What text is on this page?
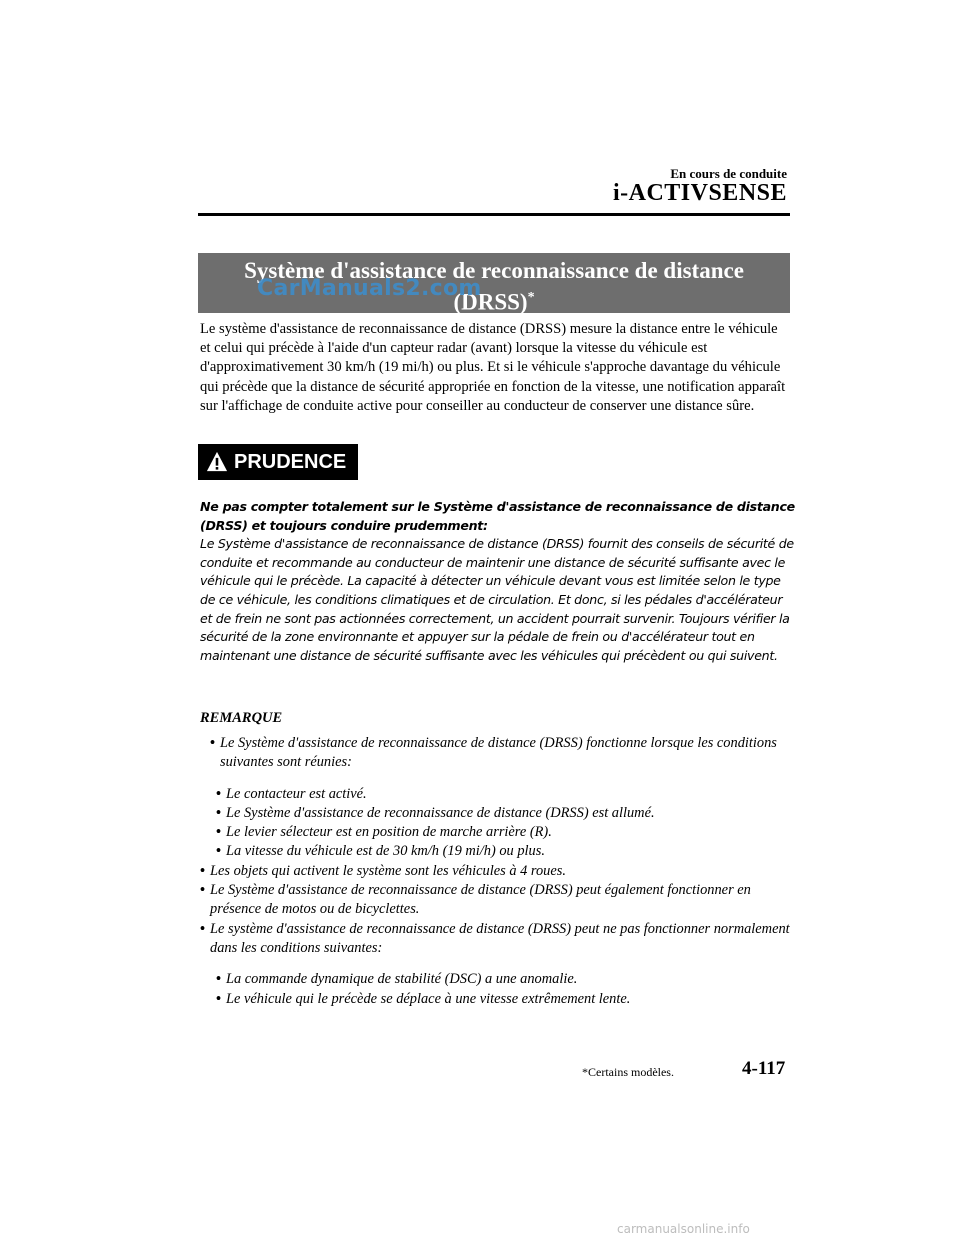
En cours de conduite
i-ACTIVSENSE
Système d'assistance de reconnaissance de distance
(DRSS)*
CarManuals2.com

Le système d'assistance de reconnaissance de distance (DRSS) mesure la distance entre le véhicule et celui qui précède à l'aide d'un capteur radar (avant) lorsque la vitesse du véhicule est d'approximativement 30 km/h (19 mi/h) ou plus. Et si le véhicule s'approche davantage du véhicule qui précède que la distance de sécurité appropriée en fonction de la vitesse, une notification apparaît sur l'affichage de conduite active pour conseiller au conducteur de conserver une distance sûre.

PRUDENCE

Ne pas compter totalement sur le Système d'assistance de reconnaissance de distance (DRSS) et toujours conduire prudemment:
Le Système d'assistance de reconnaissance de distance (DRSS) fournit des conseils de sécurité de conduite et recommande au conducteur de maintenir une distance de sécurité suffisante avec le véhicule qui le précède. La capacité à détecter un véhicule devant vous est limitée selon le type de ce véhicule, les conditions climatiques et de circulation. Et donc, si les pédales d'accélérateur et de frein ne sont pas actionnées correctement, un accident pourrait survenir. Toujours vérifier la sécurité de la zone environnante et appuyer sur la pédale de frein ou d'accélérateur tout en maintenant une distance de sécurité suffisante avec les véhicules qui précèdent ou qui suivent.

REMARQUE
• Le Système d'assistance de reconnaissance de distance (DRSS) fonctionne lorsque les conditions suivantes sont réunies:
• Le contacteur est activé.
• Le Système d'assistance de reconnaissance de distance (DRSS) est allumé.
• Le levier sélecteur est en position de marche arrière (R).
• La vitesse du véhicule est de 30 km/h (19 mi/h) ou plus.
• Les objets qui activent le système sont les véhicules à 4 roues.
• Le Système d'assistance de reconnaissance de distance (DRSS) peut également fonctionner en présence de motos ou de bicyclettes.
• Le système d'assistance de reconnaissance de distance (DRSS) peut ne pas fonctionner normalement dans les conditions suivantes:
• La commande dynamique de stabilité (DSC) a une anomalie.
• Le véhicule qui le précède se déplace à une vitesse extrêmement lente.
*Certains modèles.	4-117
carmanualsonline.info
